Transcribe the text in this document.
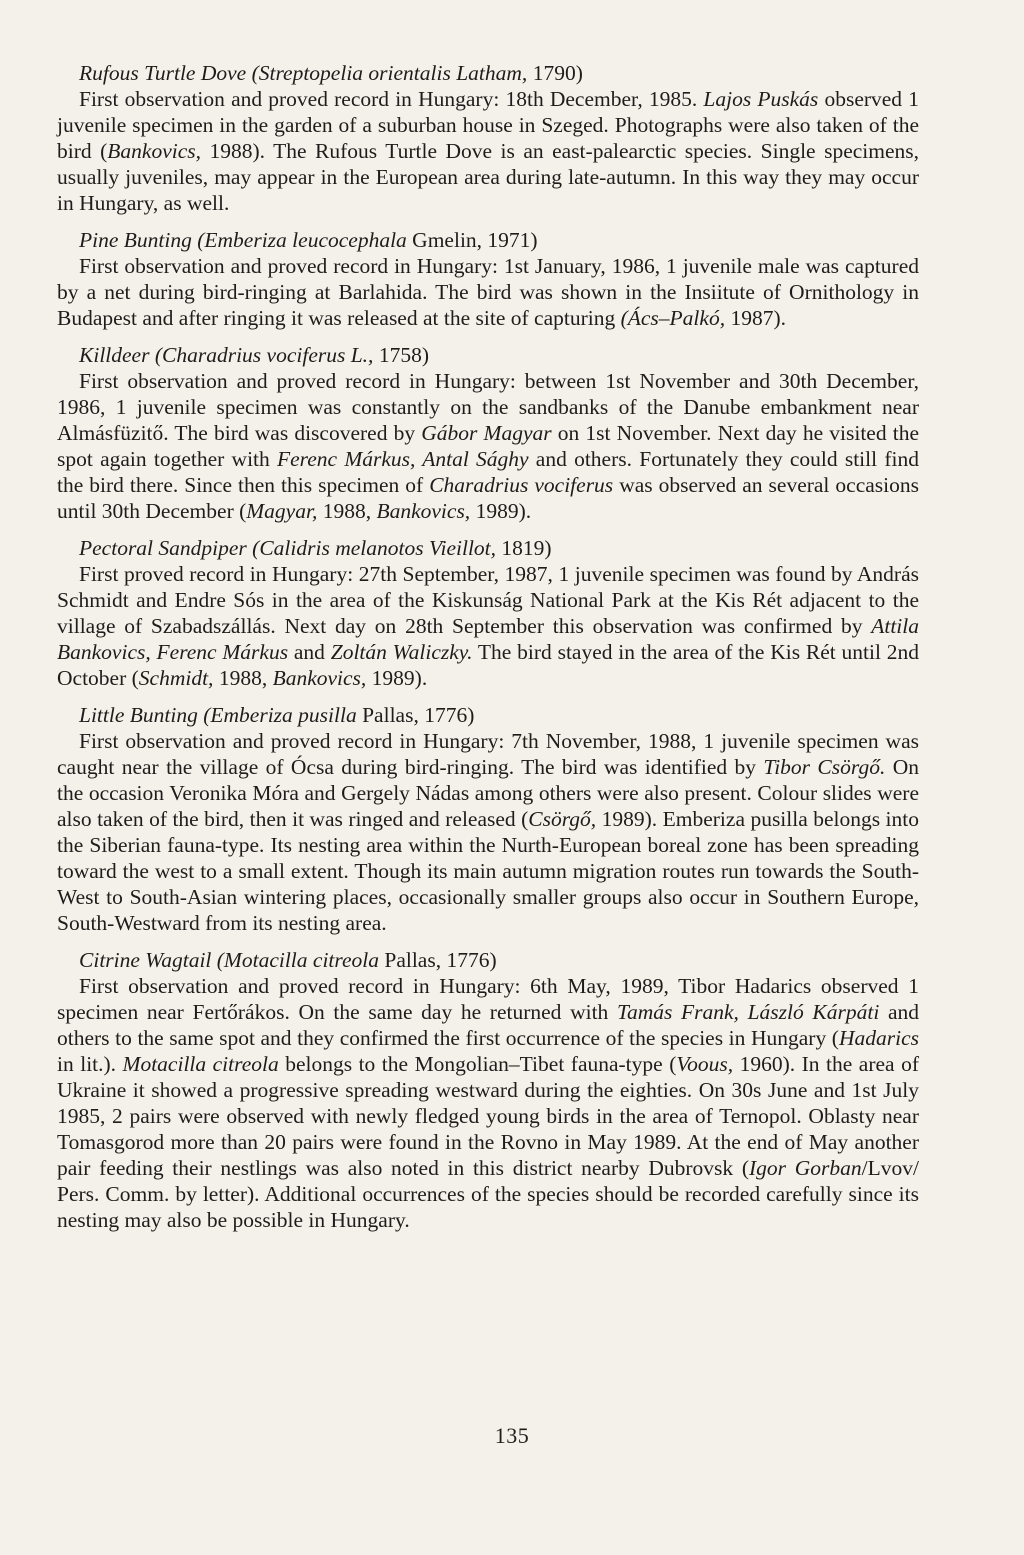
Rufous Turtle Dove (Streptopelia orientalis Latham, 1790)
First observation and proved record in Hungary: 18th December, 1985. Lajos Puskás observed 1 juvenile specimen in the garden of a suburban house in Szeged. Photographs were also taken of the bird (Bankovics, 1988). The Rufous Turtle Dove is an east-palearctic species. Single specimens, usually juveniles, may appear in the European area during late-autumn. In this way they may occur in Hungary, as well.
Pine Bunting (Emberiza leucocephala Gmelin, 1971)
First observation and proved record in Hungary: 1st January, 1986, 1 juvenile male was captured by a net during bird-ringing at Barlahida. The bird was shown in the Insiitute of Ornithology in Budapest and after ringing it was released at the site of capturing (Ács–Palkó, 1987).
Killdeer (Charadrius vociferus L., 1758)
First observation and proved record in Hungary: between 1st November and 30th December, 1986, 1 juvenile specimen was constantly on the sandbanks of the Danube embankment near Almásfüzitő. The bird was discovered by Gábor Magyar on 1st November. Next day he visited the spot again together with Ferenc Márkus, Antal Sághy and others. Fortunately they could still find the bird there. Since then this specimen of Charadrius vociferus was observed an several occasions until 30th December (Magyar, 1988, Bankovics, 1989).
Pectoral Sandpiper (Calidris melanotos Vieillot, 1819)
First proved record in Hungary: 27th September, 1987, 1 juvenile specimen was found by András Schmidt and Endre Sós in the area of the Kiskunság National Park at the Kis Rét adjacent to the village of Szabadszállás. Next day on 28th September this observation was confirmed by Attila Bankovics, Ferenc Márkus and Zoltán Waliczky. The bird stayed in the area of the Kis Rét until 2nd October (Schmidt, 1988, Bankovics, 1989).
Little Bunting (Emberiza pusilla Pallas, 1776)
First observation and proved record in Hungary: 7th November, 1988, 1 juvenile specimen was caught near the village of Ócsa during bird-ringing. The bird was identified by Tibor Csörgő. On the occasion Veronika Móra and Gergely Nádas among others were also present. Colour slides were also taken of the bird, then it was ringed and released (Csörgő, 1989). Emberiza pusilla belongs into the Siberian fauna-type. Its nesting area within the Nurth-European boreal zone has been spreading toward the west to a small extent. Though its main autumn migration routes run towards the South-West to South-Asian wintering places, occasionally smaller groups also occur in Southern Europe, South-Westward from its nesting area.
Citrine Wagtail (Motacilla citreola Pallas, 1776)
First observation and proved record in Hungary: 6th May, 1989, Tibor Hadarics observed 1 specimen near Fertőrákos. On the same day he returned with Tamás Frank, László Kárpáti and others to the same spot and they confirmed the first occurrence of the species in Hungary (Hadarics in lit.). Motacilla citreola belongs to the Mongolian–Tibet fauna-type (Voous, 1960). In the area of Ukraine it showed a progressive spreading westward during the eighties. On 30s June and 1st July 1985, 2 pairs were observed with newly fledged young birds in the area of Ternopol. Oblasty near Tomasgorod more than 20 pairs were found in the Rovno in May 1989. At the end of May another pair feeding their nestlings was also noted in this district nearby Dubrovsk (Igor Gorban/Lvov/ Pers. Comm. by letter). Additional occurrences of the species should be recorded carefully since its nesting may also be possible in Hungary.
135
